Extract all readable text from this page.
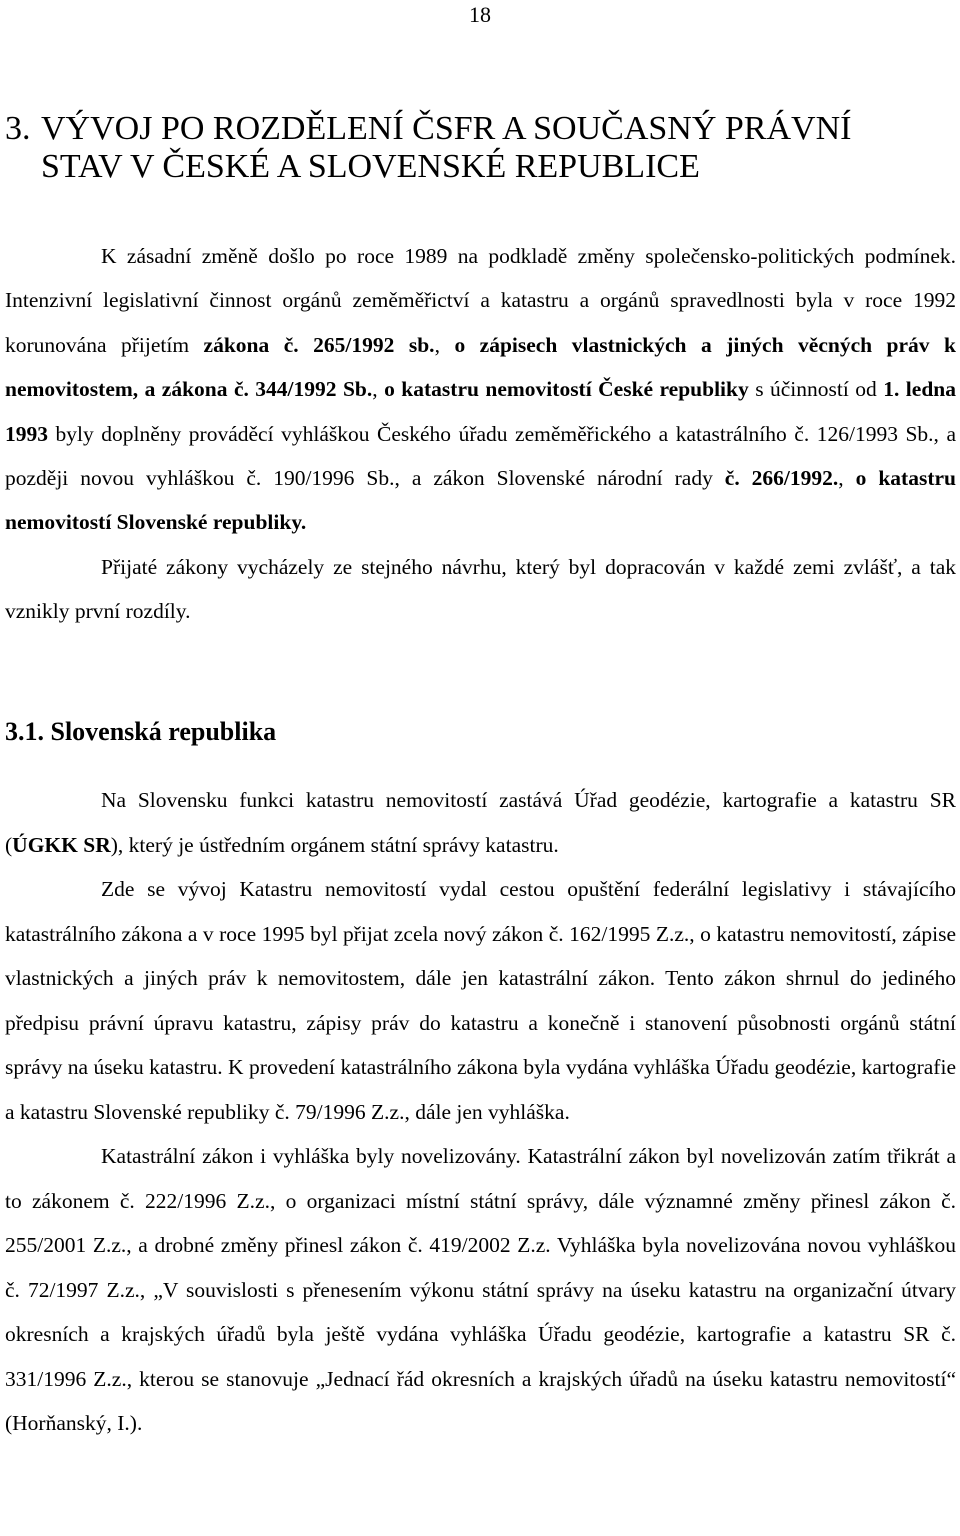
18
3. VÝVOJ PO ROZDĚLENÍ ČSFR A SOUČASNÝ PRÁVNÍ
STAV V ČESKÉ A SLOVENSKÉ REPUBLICE

K zásadní změně došlo po roce 1989 na podkladě změny společensko-politických podmínek. Intenzivní legislativní činnost orgánů zeměměřictví a katastru a orgánů spravedlnosti byla v roce 1992 korunována přijetím zákona č. 265/1992 sb., o zápisech vlastnických a jiných věcných práv k nemovitostem, a zákona č. 344/1992 Sb., o katastru nemovitostí České republiky s účinností od 1. ledna 1993 byly doplněny prováděcí vyhláškou Českého úřadu zeměměřického a katastrálního č. 126/1993 Sb., a později novou vyhláškou č. 190/1996 Sb., a zákon Slovenské národní rady č. 266/1992., o katastru nemovitostí Slovenské republiky.

Přijaté zákony vycházely ze stejného návrhu, který byl dopracován v každé zemi zvlášť, a tak vznikly první rozdíly.

3.1. Slovenská republika

Na Slovensku funkci katastru nemovitostí zastává Úřad geodézie, kartografie a katastru SR (ÚGKK SR), který je ústředním orgánem státní správy katastru.

Zde se vývoj Katastru nemovitostí vydal cestou opuštění federální legislativy i stávajícího katastrálního zákona a v roce 1995 byl přijat zcela nový zákon č. 162/1995 Z.z., o katastru nemovitostí, zápise vlastnických a jiných práv k nemovitostem, dále jen katastrální zákon. Tento zákon shrnul do jediného předpisu právní úpravu katastru, zápisy práv do katastru a konečně i stanovení působnosti orgánů státní správy na úseku katastru. K provedení katastrálního zákona byla vydána vyhláška Úřadu geodézie, kartografie a katastru Slovenské republiky č. 79/1996 Z.z., dále jen vyhláška.

Katastrální zákon i vyhláška byly novelizovány. Katastrální zákon byl novelizován zatím třikrát a to zákonem č. 222/1996 Z.z., o organizaci místní státní správy, dále významné změny přinesl zákon č. 255/2001 Z.z., a drobné změny přinesl zákon č. 419/2002 Z.z. Vyhláška byla novelizována novou vyhláškou č. 72/1997 Z.z., „V souvislosti s přenesením výkonu státní správy na úseku katastru na organizační útvary okresních a krajských úřadů byla ještě vydána vyhláška Úřadu geodézie, kartografie a katastru SR č. 331/1996 Z.z., kterou se stanovuje „Jednací řád okresních a krajských úřadů na úseku katastru nemovitostí“ (Horňanský, I.).
